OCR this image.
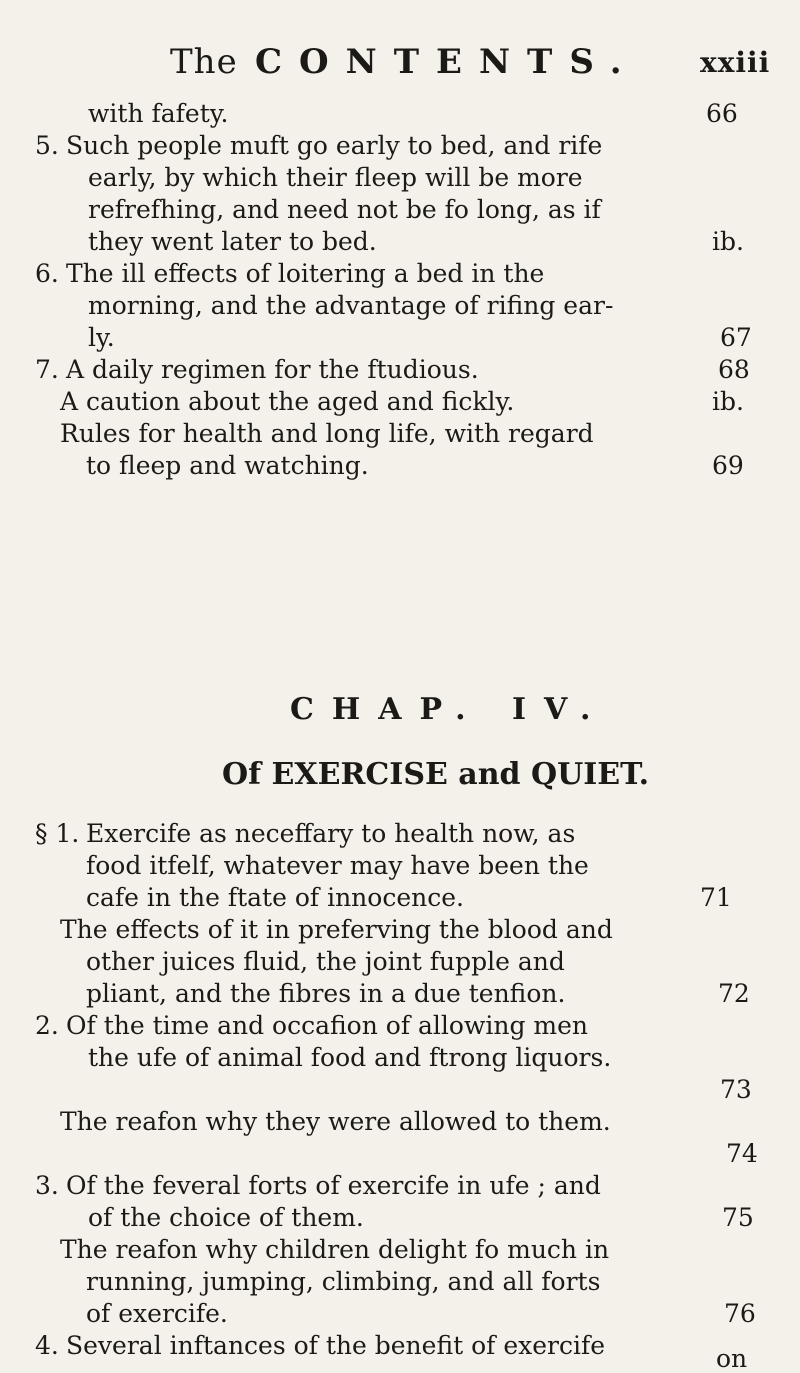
The CONTENTS. xxiii
with fafety.	66
5. Such people muft go early to bed, and rife
early, by which their fleep will be more
refrefhing, and need not be fo long, as if
they went later to bed.	ib.
6. The ill effects of loitering a bed in the
morning, and the advantage of rifing ear-
ly.	67
7. A daily regimen for the ftudious.	68
A caution about the aged and fickly.	ib.
Rules for health and long life, with regard
to fleep and watching.	69
CHAP. IV.
Of EXERCISE and QUIET.
§ 1. Exercife as neceffary to health now, as
food itfelf, whatever may have been the
cafe in the ftate of innocence.	71
The effects of it in preferving the blood and
other juices fluid, the joint fupple and
pliant, and the fibres in a due tenfion.	72
2. Of the time and occafion of allowing men
the ufe of animal food and ftrong liquors.
73
The reafon why they were allowed to them.
74
3. Of the feveral forts of exercife in ufe ; and
of the choice of them.	75
The reafon why children delight fo much in
running, jumping, climbing, and all forts
of exercife.	76
4. Several inftances of the benefit of exercife	on
